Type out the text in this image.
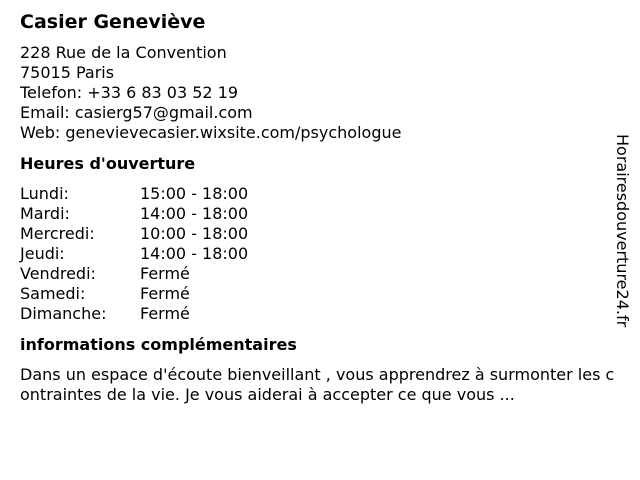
Casier Geneviève
228 Rue de la Convention
75015 Paris
Telefon: +33 6 83 03 52 19
Email: casierg57@gmail.com
Web: genevievecasier.wixsite.com/psychologue
Heures d'ouverture
Lundi:	15:00 - 18:00
Mardi:	14:00 - 18:00
Mercredi:	10:00 - 18:00
Jeudi:	14:00 - 18:00
Vendredi:	Fermé
Samedi:	Fermé
Dimanche:	Fermé
informations complémentaires
Dans un espace d'écoute bienveillant , vous apprendrez à surmonter les contraintes de la vie. Je vous aiderai à accepter ce que vous ...
Horairesdouverture24.fr
